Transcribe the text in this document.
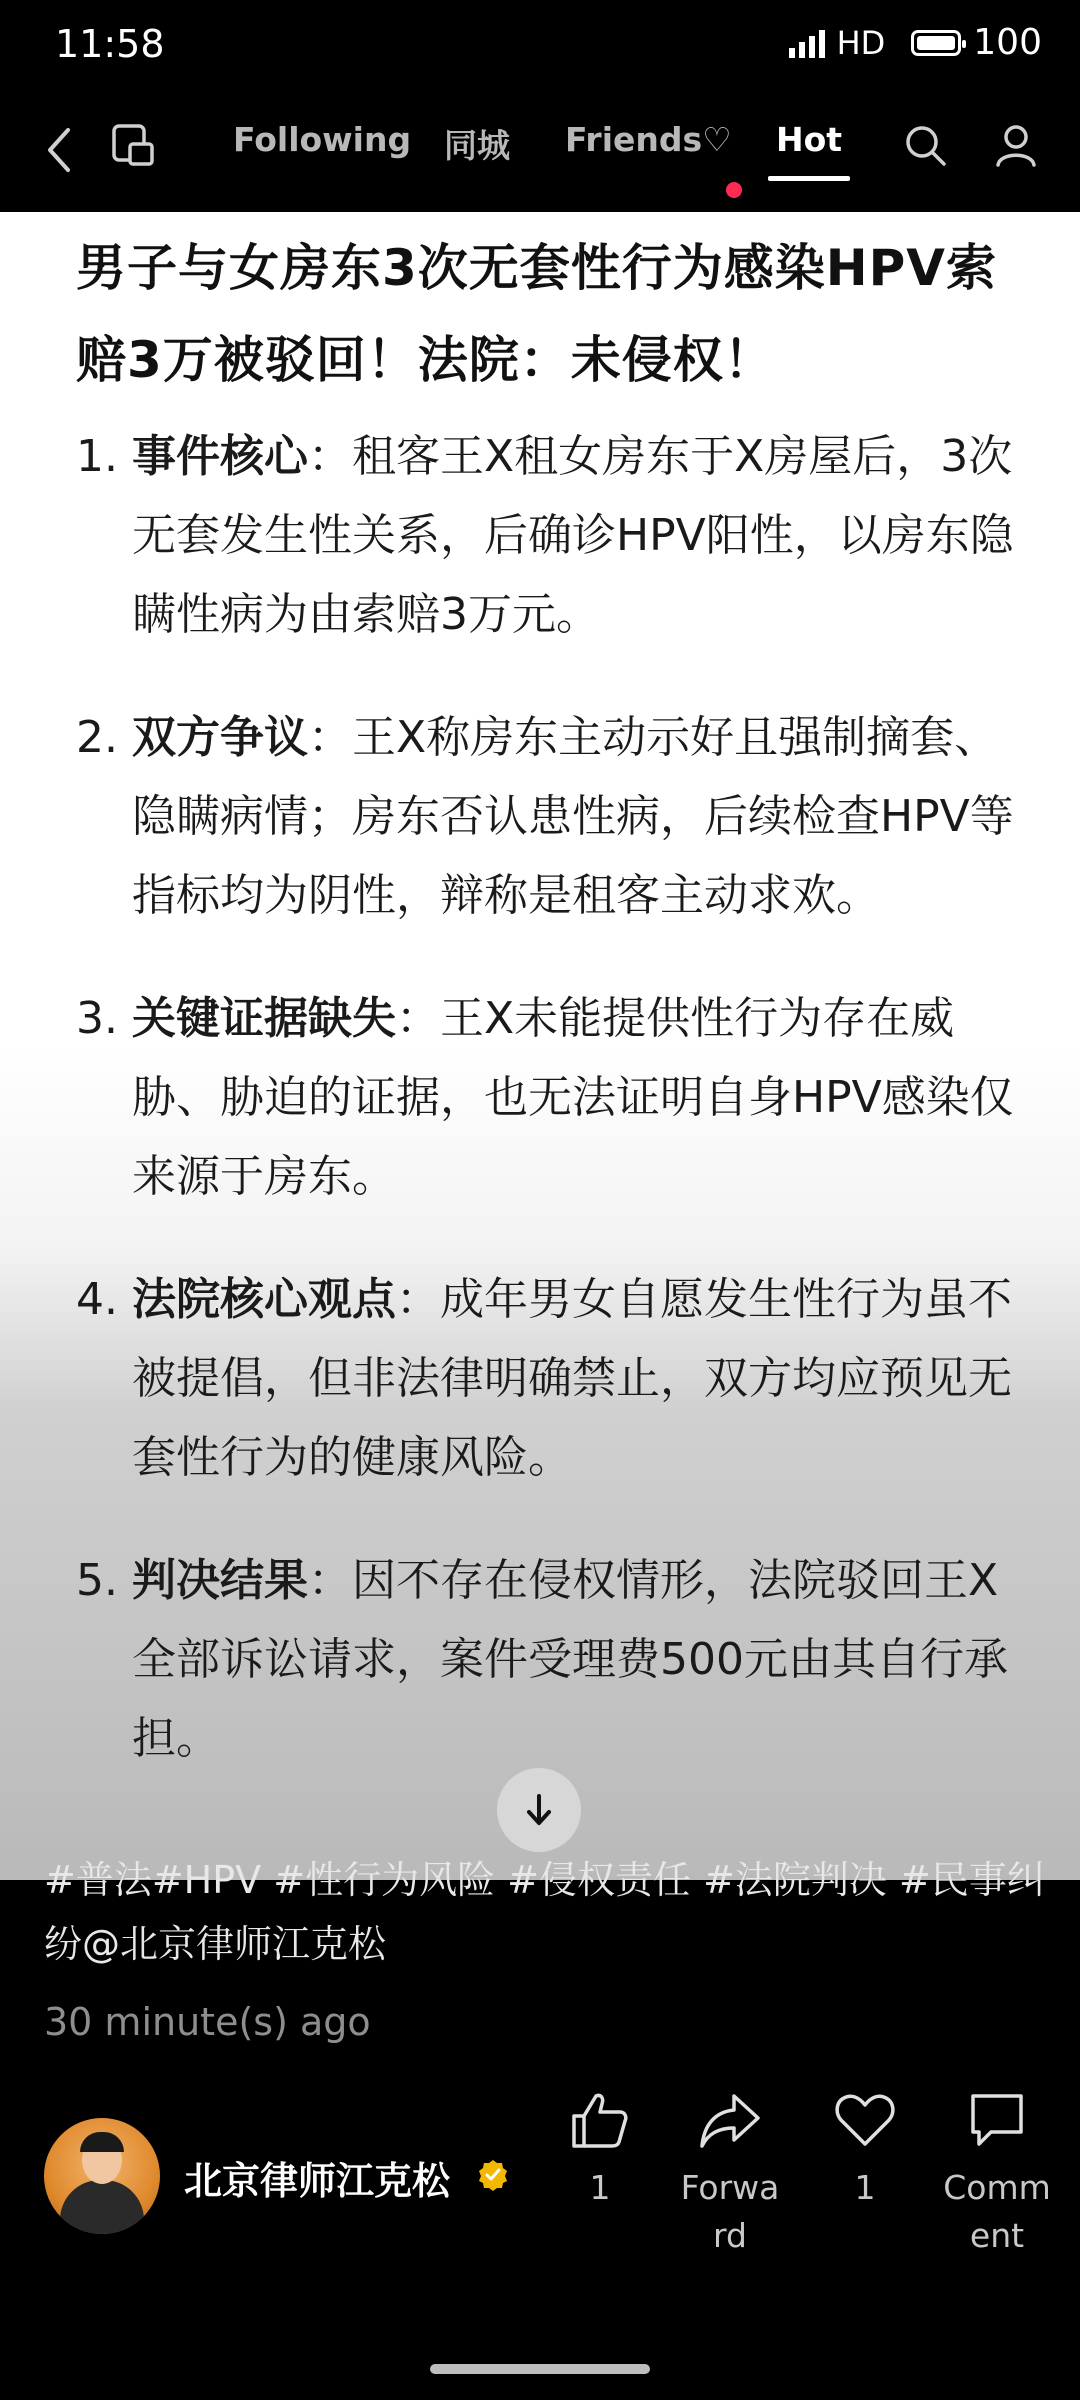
11:58	HD 100
Following 同城 Friends♡ Hot
男子与女房东3次无套性行为感染HPV索赔3万被驳回！法院：未侵权！
1. 事件核心：租客王X租女房东于X房屋后，3次无套发生性关系，后确诊HPV阳性，以房东隐瞒性病为由索赔3万元。
2. 双方争议：王X称房东主动示好且强制摘套、隐瞒病情；房东否认患性病，后续检查HPV等指标均为阴性，辩称是租客主动求欢。
3. 关键证据缺失：王X未能提供性行为存在威胁、胁迫的证据，也无法证明自身HPV感染仅来源于房东。
4. 法院核心观点：成年男女自愿发生性行为虽不被提倡，但非法律明确禁止，双方均应预见无套性行为的健康风险。
5. 判决结果：因不存在侵权情形，法院驳回王X全部诉讼请求，案件受理费500元由其自行承担。
#普法#HPV #性行为风险 #侵权责任 #法院判决 #民事纠纷@北京律师江克松
30 minute(s) ago
北京律师江克松	1	Forward
1	Comment
